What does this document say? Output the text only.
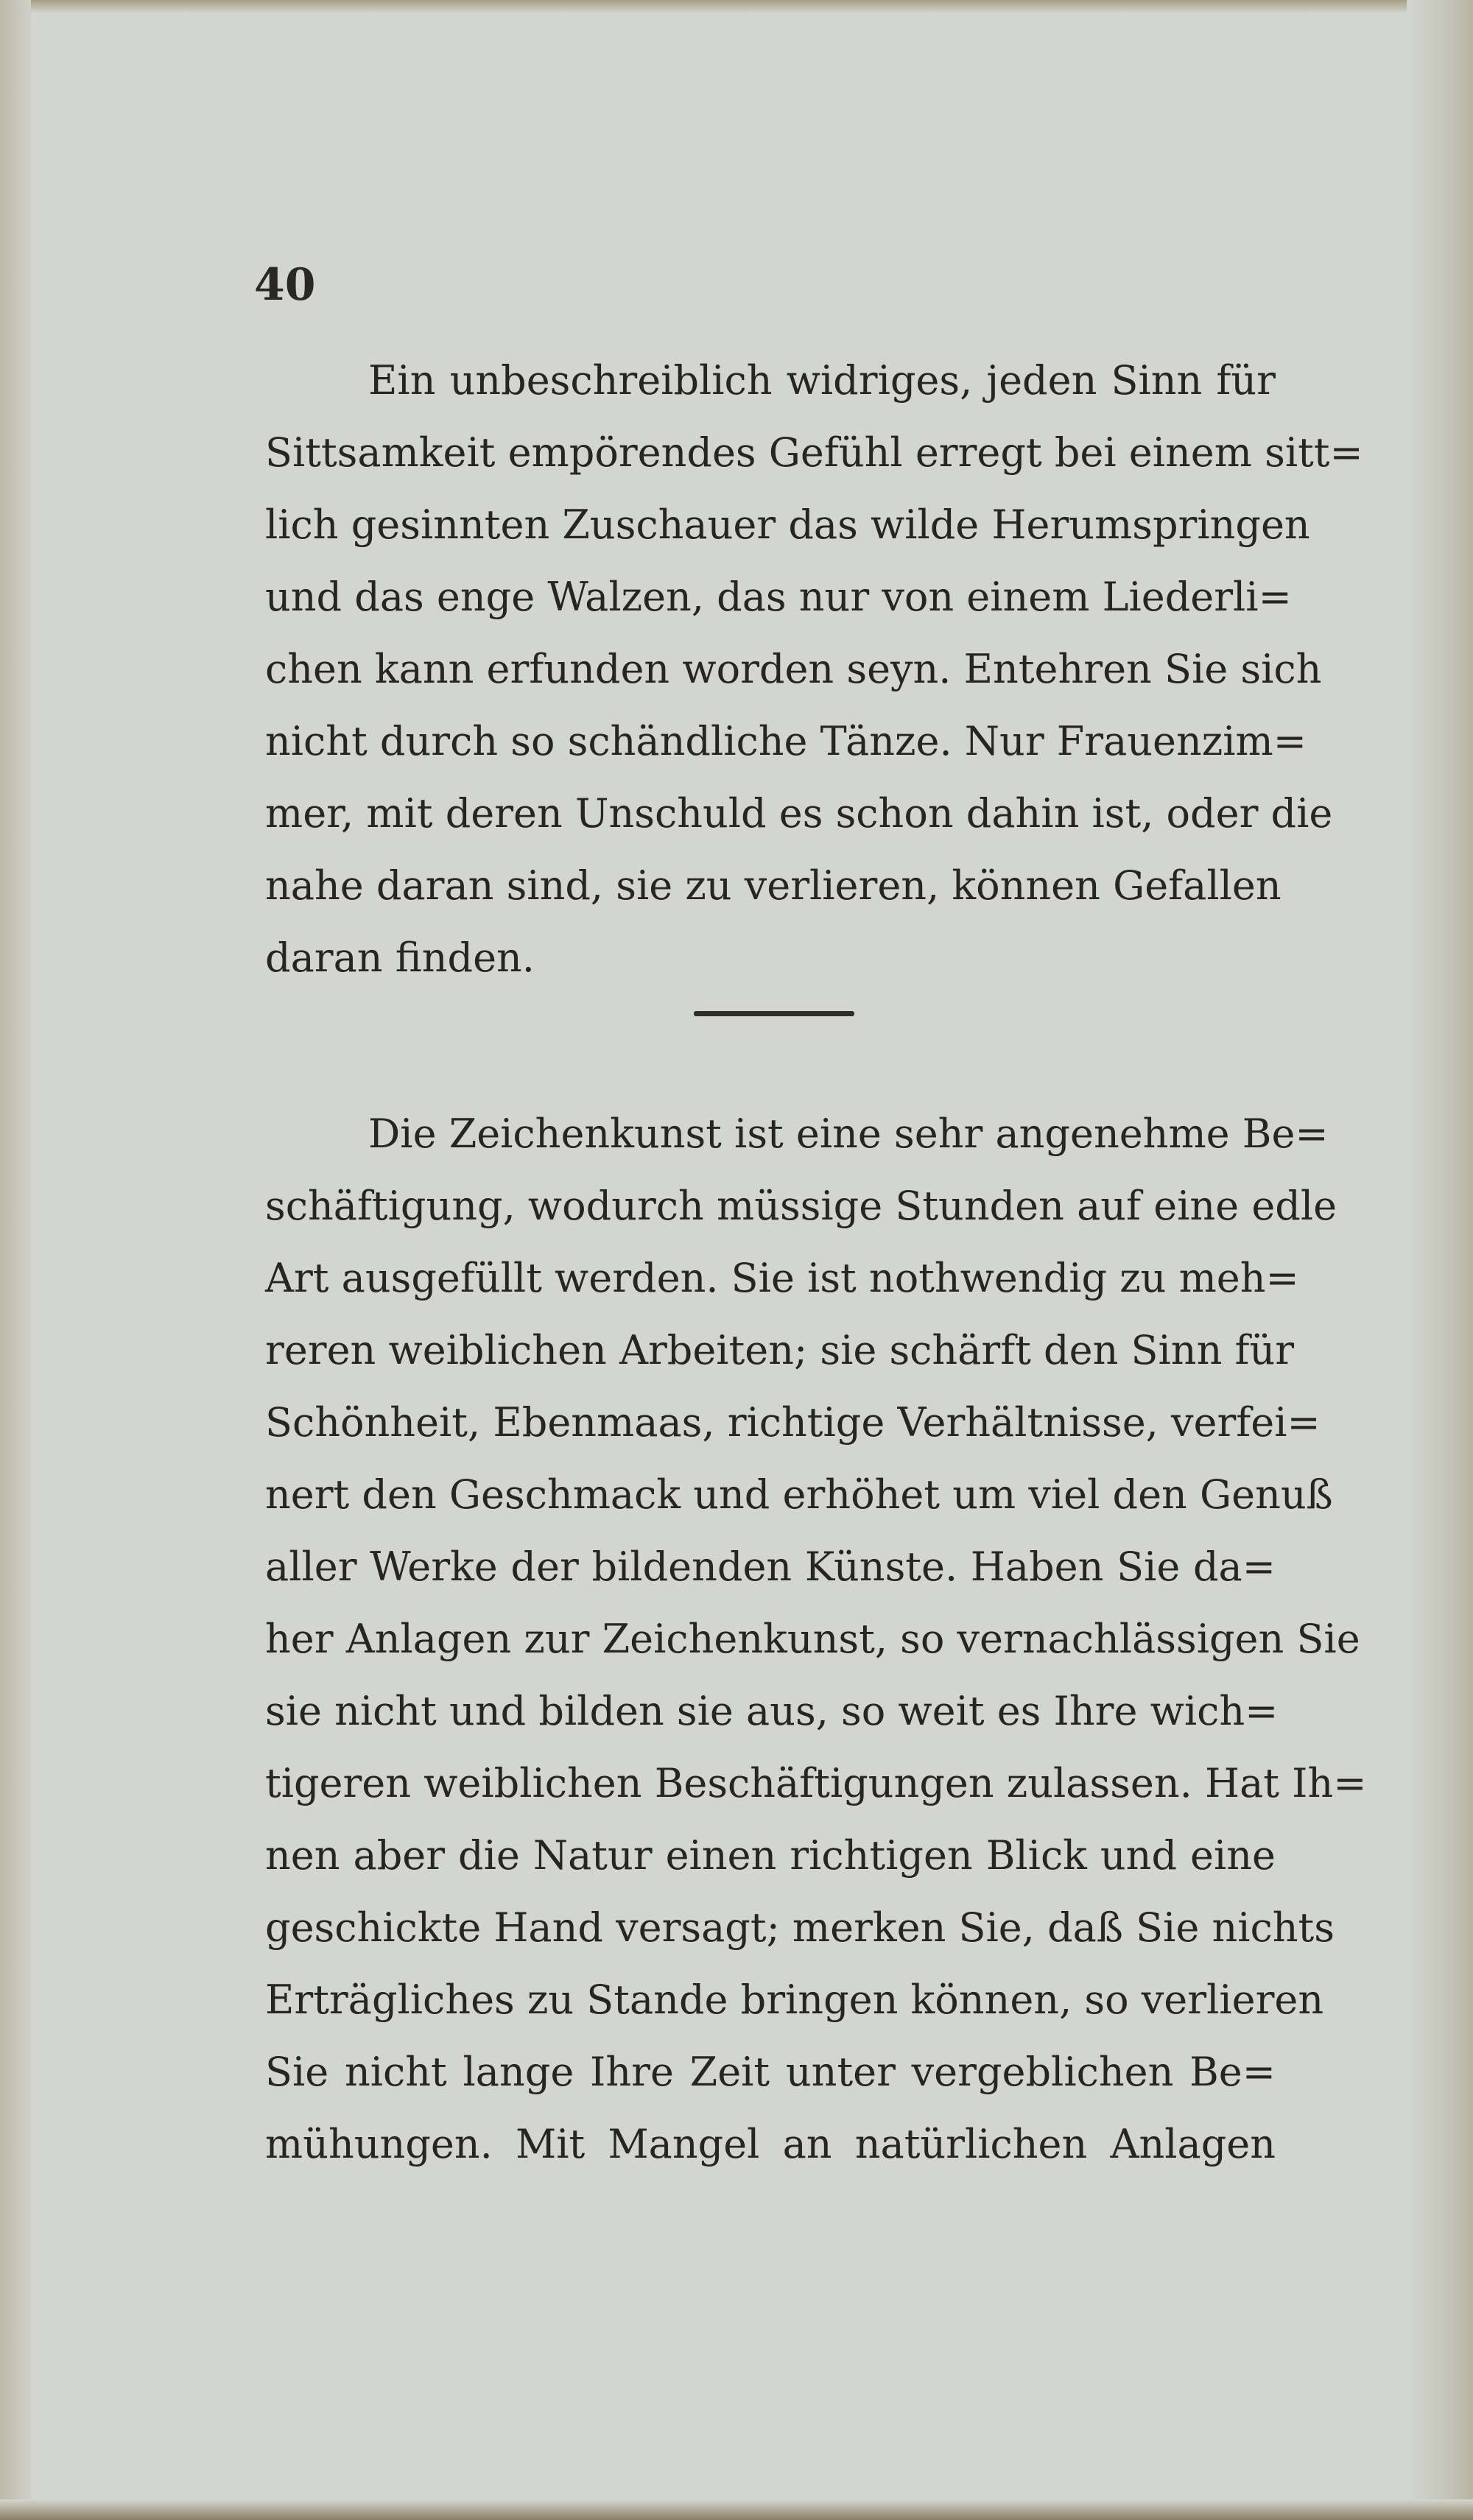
40
Ein unbeschreiblich widriges, jeden Sinn für
Sittsamkeit empörendes Gefühl erregt bei einem sitt=
lich gesinnten Zuschauer das wilde Herumspringen
und das enge Walzen, das nur von einem Liederli=
chen kann erfunden worden seyn. Entehren Sie sich
nicht durch so schändliche Tänze. Nur Frauenzim=
mer, mit deren Unschuld es schon dahin ist, oder die
nahe daran sind, sie zu verlieren, können Gefallen
daran finden.
Die Zeichenkunst ist eine sehr angenehme Be=
schäftigung, wodurch müssige Stunden auf eine edle
Art ausgefüllt werden. Sie ist nothwendig zu meh=
reren weiblichen Arbeiten; sie schärft den Sinn für
Schönheit, Ebenmaas, richtige Verhältnisse, verfei=
nert den Geschmack und erhöhet um viel den Genuß
aller Werke der bildenden Künste. Haben Sie da=
her Anlagen zur Zeichenkunst, so vernachlässigen Sie
sie nicht und bilden sie aus, so weit es Ihre wich=
tigeren weiblichen Beschäftigungen zulassen. Hat Ih=
nen aber die Natur einen richtigen Blick und eine
geschickte Hand versagt; merken Sie, daß Sie nichts
Erträgliches zu Stande bringen können, so verlieren
Sie nicht lange Ihre Zeit unter vergeblichen Be=
mühungen. Mit Mangel an natürlichen Anlagen
